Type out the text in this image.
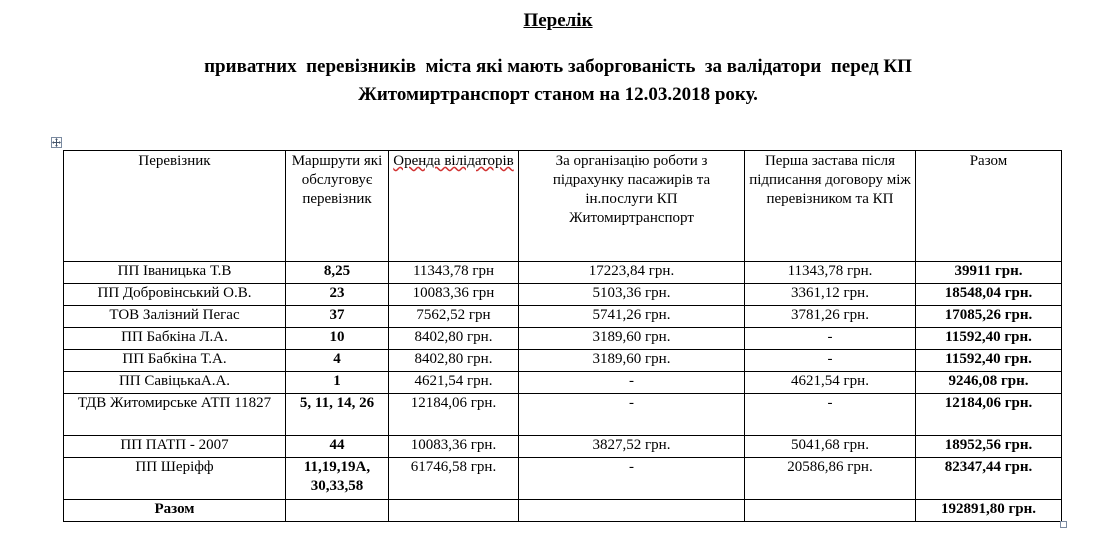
Перелік
приватних  перевізників  міста які мають заборгованість  за валідатори  перед КП
Житомиртранспорт станом на 12.03.2018 року.
Перевізник	Маршрути які обслуговує перевізник	Оренда вілідаторів	За організацію роботи з підрахунку пасажирів та ін.послуги КП Житомиртранспорт	Перша застава після підписання договору між перевізником та КП	Разом
ПП Іваницька Т.В	8,25	11343,78 грн	17223,84 грн.	11343,78 грн.	39911 грн.
ПП Добровінський О.В.	23	10083,36 грн	5103,36 грн.	3361,12 грн.	18548,04 грн.
ТОВ Залізний Пегас	37	7562,52 грн	5741,26 грн.	3781,26 грн.	17085,26 грн.
ПП Бабкіна Л.А.	10	8402,80 грн.	3189,60 грн.	-	11592,40 грн.
ПП Бабкіна Т.А.	4	8402,80 грн.	3189,60 грн.	-	11592,40 грн.
ПП СавіцькаА.А.	1	4621,54 грн.	-	4621,54 грн.	9246,08 грн.
ТДВ Житомирське АТП 11827	5, 11, 14, 26	12184,06 грн.	-	-	12184,06 грн.
ПП ПАТП - 2007	44	10083,36 грн.	3827,52 грн.	5041,68 грн.	18952,56 грн.
ПП Шеріфф	11,19,19А, 30,33,58	61746,58 грн.	-	20586,86 грн.	82347,44 грн.
Разом					192891,80 грн.
